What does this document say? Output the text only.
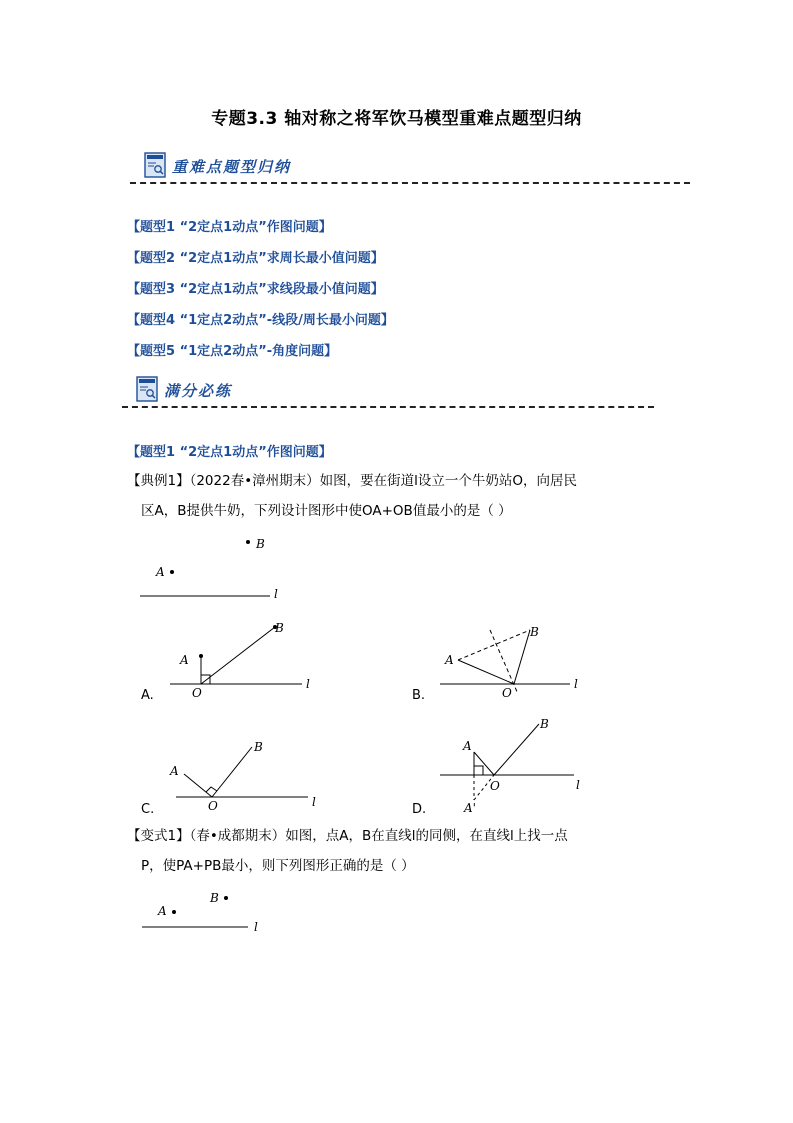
专题3.3 轴对称之将军饮马模型重难点题型归纳
重难点题型归纳
【题型1 “2定点1动点”作图问题】
【题型2 “2定点1动点”求周长最小值问题】
【题型3 “2定点1动点”求线段最小值问题】
【题型4 “1定点2动点”-线段/周长最小问题】
【题型5 “1定点2动点”-角度问题】
满分必练
【题型1 “2定点1动点”作图问题】
【典例1】（2022春•漳州期末）如图，要在街道l设立一个牛奶站O，向居民
区A，B提供牛奶，下列设计图形中使OA+OB值最小的是（ ）
B
A
l
A.
l
A
B
O	B.
l
A
B
O
C.	l
A
B
O	D.
l
A
B
O
A'
【变式1】（春•成都期末）如图，点A，B在直线l的同侧，在直线l上找一点
P，使PA+PB最小，则下列图形正确的是（ ）
A
B
l
